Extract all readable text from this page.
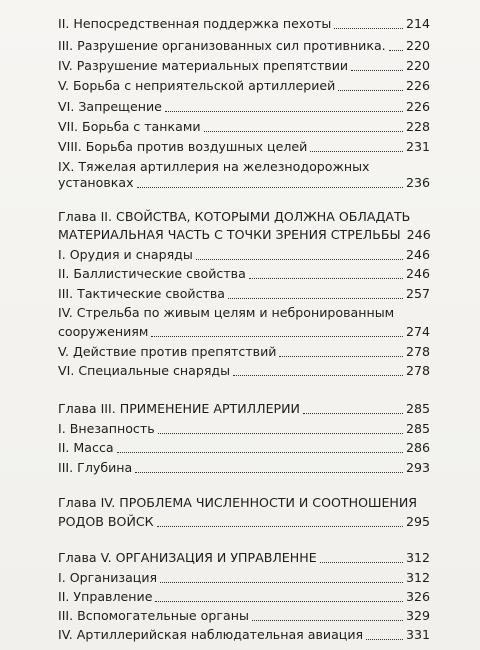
II. Непосредственная поддержка пехоты	214
III. Разрушение организованных сил противника. 220
IV. Разрушение материальных препятствии	220
V. Борьба с неприятельской артиллерией	226
VI. Запрещение	226
VII. Борьба с танками	228
VIII. Борьба против воздушных целей	231
IX. Тяжелая артиллерия на железнодорожных
установках	236
Глава II. СВОЙСТВА, КОТОРЫМИ ДОЛЖНА ОБЛАДАТЬ
МАТЕРИАЛЬНАЯ ЧАСТЬ С ТОЧКИ ЗРЕНИЯ СТРЕЛЬБЫ 246
I. Орудия и снаряды	246
II. Баллистические свойства	246
III. Тактические свойства	257
IV. Стрельба по живым целям и небронированным
сооружениям	274
V. Действие против препятствий	278
VI. Специальные снаряды	278
Глава III. ПРИМЕНЕНИЕ АРТИЛЛЕРИИ	285
I. Внезапность	285
II. Масса	286
III. Глубина	293
Глава IV. ПРОБЛЕМА ЧИСЛЕННОСТИ И СООТНОШЕНИЯ
РОДОВ ВОЙСК	295
Глава V. ОРГАНИЗАЦИЯ И УПРАВЛЕННЕ	312
I. Организация	312
II. Управление	326
III. Вспомогательные органы	329
IV. Артиллерийская наблюдательная авиация	331
